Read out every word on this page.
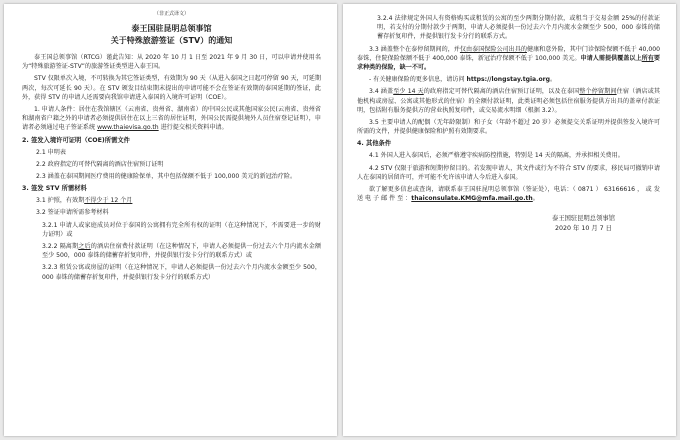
（非正式译文）

泰王国驻昆明总领事馆

关于特殊旅游签证（STV）的通知

泰王国总领事馆（RTCG）谨此告知：从 2020 年 10 月 1 日至 2021 年 9 月 30 日，可以申请并使用名为“特殊旅游签证-STV”的旅游签证类型进入泰王国。

STV 仅限单次入境，不可转换为其它签证类型，有效期为 90 天（从进入泰国之日起可停留 90 天，可延期两次，每次可延长 90 天）。在 STV 颁发目结束期末提出的申请可能不会在签证有效期的泰国延期的签证，此外，获得 STV 的申请人还需要向我馆申请进入泰国的入境许可证明（COE）。

1. 申请人条件：居住在我馆辖区（云南省、贵州省、湖南省）的中国公民或其他国家公民(云南省、贵州省和湖南省户籍之外的申请者必须提供居住在以上三省的居住证明，外国公民需提供境外人员住宿登记证明），申请者必须通过电子签证系统 www.thaievisa.go.th 进行提交相关资料申请。

2. 签发入境许可证明（COE)所需文件

2.1 申明表

2.2 政府指定的可替代隔离的酒店住宿预订证明

2.3 涵盖在泰国期间医疗费用的健康险保单，其中包括保额不低于 100,000 美元的新冠治疗险。

3. 签发 STV 所需材料

3.1 护照，有效期不得少于 12 个月

3.2 签证申请所需参考材料

3.2.1 申请人或家庭成员对位于泰国的公寓拥有完全所有权的证明（在这种情况下，不需要进一步的财力证明）或

3.2.2 隔离期之后的酒店住宿费付款证明（在这种情况下，申请人必须提供一份过去六个月内流水金额至少 500，000 泰铢的储蓄存折复印件，并提供银行发卡分行的联系方式）或

3.2.3 租赁公寓或房屋的证明（在这种情况下，申请人必须提供一份过去六个月内流水金额至少 500，000 泰铢的储蓄存折复印件，并提供银行发卡分行的联系方式）

3.2.4 法律规定外国人有资格购买或租赁的公寓的至少两期分期付款，或租当于交易金额 25%的付款证明，若支付的分期付款少于两期，申请人必须提供一份过去六个月内流水金额至少 500，000 泰铢的储蓄存折复印件，并提供银行发卡分行的联系方式。

3.3 涵盖整个在泰停留期间的，并仅由泰国保险公司出具的健康和意外险，其中门诊保险保额不低于 40,000 泰铢，住院保险保额不低于 400,000 泰铢，新冠治疗保额不低于 100,000 美元。申请人需提供覆盖以上所有要求种类的保险，缺一不可。

- 有关健康保险的更多信息，请访问 https://longstay.tgia.org。

3.4 涵盖至少 14 天的政府指定可替代隔离的酒店住宿预订证明，以及在泰国整个停留期间住宿（酒店或其他机构或房屋、公寓或其他形式的住宿）的全额付款证明，此类证明必须包括住宿服务提供方出具的盖章付款证明，包括附有服务提供方的营业执照复印件，或交易流水明细（根据 3.2）。

3.5 主要申请人的配偶（无年龄限制）和子女（年龄不超过 20 岁）必须提交关系证明并提供签发入境许可所需的文件，并提供健康保险和护照有效期要求。

4. 其他条件

4.1 外国人进入泰国后，必须严格遵守疾病防控措施，特别是 14 天的隔离，并承担相关费用。

4.2 STV 仅限于旅游和短期停留目的。若发现申请人，其文件或行为不符合 STV 的要求，移民局可撤销申请人在泰国的居留许可，并可能不允许该申请人今后进入泰国。

欲了解更多信息或查询，请联系泰王国驻昆明总领事馆（签证处），电话：（ 0871 ） 63166616 ， 或 发 送 电 子 邮 件 至 ：thaiconsulate.KMG@mfa.mail.go.th。

泰王国驻昆明总领事馆

2020 年 10 月 7 日
